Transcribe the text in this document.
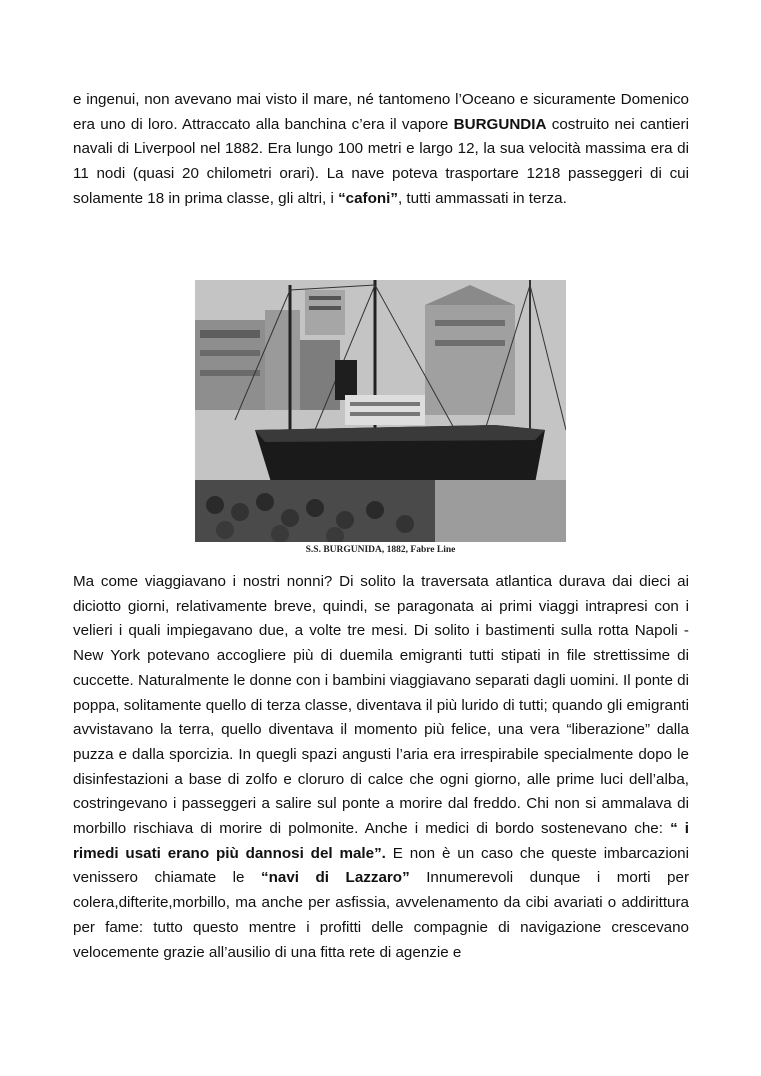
e ingenui, non avevano mai visto il mare, né tantomeno l’Oceano e sicuramente Domenico era uno di loro. Attraccato alla banchina c’era il vapore BURGUNDIA costruito nei cantieri navali di Liverpool nel 1882. Era lungo 100 metri e largo 12, la sua velocità massima era di 11 nodi (quasi 20 chilometri orari). La nave poteva trasportare 1218 passeggeri di cui solamente 18 in prima classe, gli altri, i “cafoni”, tutti ammassati in terza.

S.S. BURGUNIDA, 1882, Fabre Line

Ma come viaggiavano i nostri nonni? Di solito la traversata atlantica durava dai dieci ai diciotto giorni, relativamente breve, quindi, se paragonata ai primi viaggi intrapresi con i velieri i quali impiegavano due, a volte tre mesi. Di solito i bastimenti sulla rotta Napoli - New York potevano accogliere più di duemila emigranti tutti stipati in file strettissime di cuccette. Naturalmente le donne con i bambini viaggiavano separati dagli uomini. Il ponte di poppa, solitamente quello di terza classe, diventava il più lurido di tutti; quando gli emigranti avvistavano la terra, quello diventava il momento più felice, una vera “liberazione” dalla puzza e dalla sporcizia. In quegli spazi angusti l’aria era irrespirabile specialmente dopo le disinfestazioni a base di zolfo e cloruro di calce che ogni giorno, alle prime luci dell’alba, costringevano i passeggeri a salire sul ponte a morire dal freddo. Chi non si ammalava di morbillo rischiava di morire di polmonite. Anche i medici di bordo sostenevano che: “ i rimedi usati erano più dannosi del male”. E non è un caso che queste imbarcazioni venissero chiamate le “navi di Lazzaro” Innumerevoli dunque i morti per colera,difterite,morbillo, ma anche per asfissia, avvelenamento da cibi avariati o addirittura per fame: tutto questo mentre i profitti delle compagnie di navigazione crescevano velocemente grazie all’ausilio di una fitta rete di agenzie e
